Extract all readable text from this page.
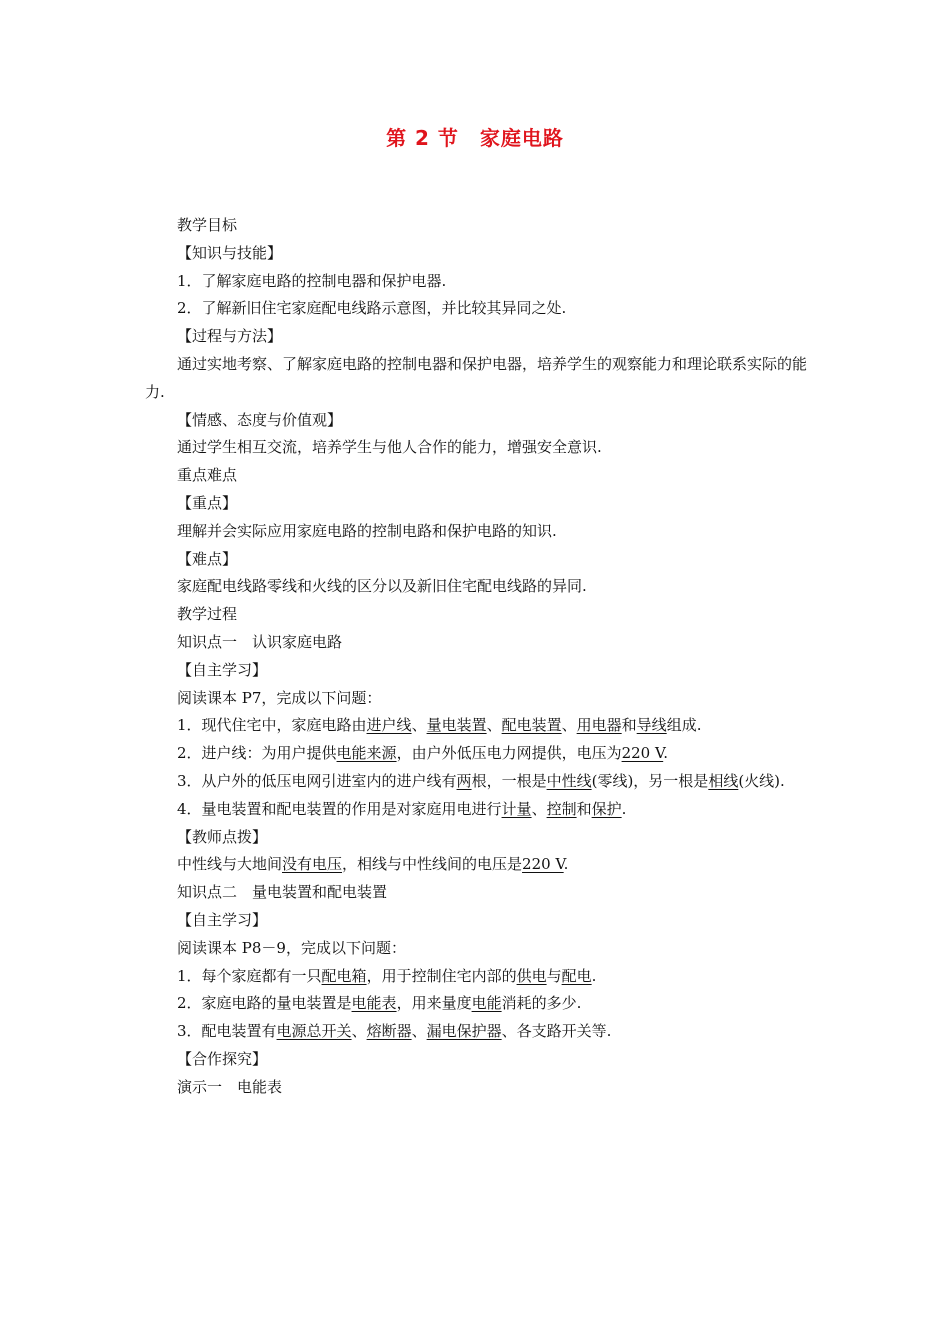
第 2 节　家庭电路

教学目标

【知识与技能】

1．了解家庭电路的控制电器和保护电器.

2．了解新旧住宅家庭配电线路示意图，并比较其异同之处.

【过程与方法】

通过实地考察、了解家庭电路的控制电器和保护电器，培养学生的观察能力和理论联系实际的能力.

【情感、态度与价值观】

通过学生相互交流，培养学生与他人合作的能力，增强安全意识.

重点难点

【重点】

理解并会实际应用家庭电路的控制电路和保护电路的知识.

【难点】

家庭配电线路零线和火线的区分以及新旧住宅配电线路的异同.

教学过程

知识点一　认识家庭电路

【自主学习】

阅读课本 P7，完成以下问题：

1．现代住宅中，家庭电路由进户线、量电装置、配电装置、用电器和导线组成.

2．进户线：为用户提供电能来源，由户外低压电力网提供，电压为220 V.

3．从户外的低压电网引进室内的进户线有两根，一根是中性线(零线)，另一根是相线(火线).

4．量电装置和配电装置的作用是对家庭用电进行计量、控制和保护.

【教师点拨】

中性线与大地间没有电压，相线与中性线间的电压是220 V.

知识点二　量电装置和配电装置

【自主学习】

阅读课本 P8－9，完成以下问题：

1．每个家庭都有一只配电箱，用于控制住宅内部的供电与配电.

2．家庭电路的量电装置是电能表，用来量度电能消耗的多少.

3．配电装置有电源总开关、熔断器、漏电保护器、各支路开关等.

【合作探究】

演示一　电能表
